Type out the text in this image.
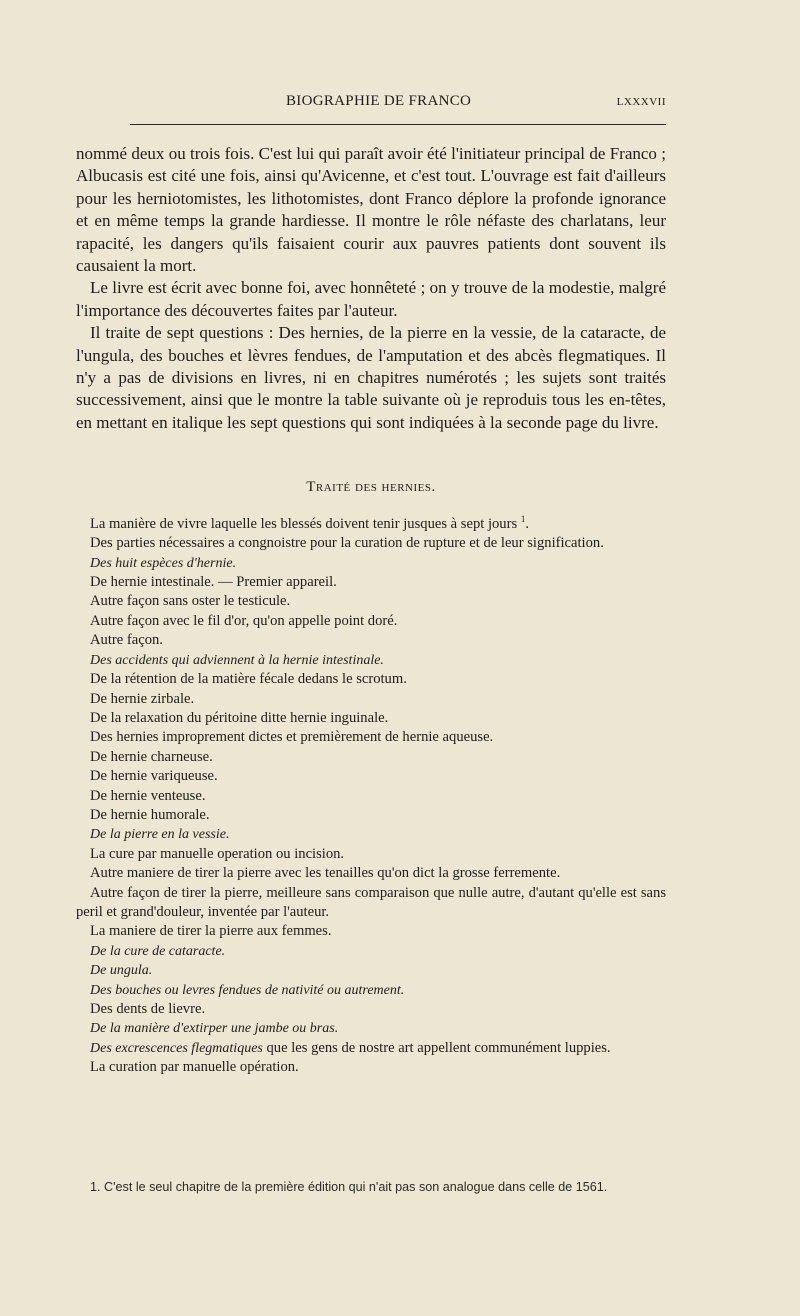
BIOGRAPHIE DE FRANCO	LXXXVII

nommé deux ou trois fois. C'est lui qui paraît avoir été l'initiateur principal de Franco ; Albucasis est cité une fois, ainsi qu'Avicenne, et c'est tout. L'ouvrage est fait d'ailleurs pour les herniotomistes, les lithotomistes, dont Franco déplore la profonde ignorance et en même temps la grande hardiesse. Il montre le rôle néfaste des charlatans, leur rapacité, les dangers qu'ils faisaient courir aux pauvres patients dont souvent ils causaient la mort.

Le livre est écrit avec bonne foi, avec honnêteté ; on y trouve de la modestie, malgré l'importance des découvertes faites par l'auteur.

Il traite de sept questions : Des hernies, de la pierre en la vessie, de la cataracte, de l'ungula, des bouches et lèvres fendues, de l'amputation et des abcès flegmatiques. Il n'y a pas de divisions en livres, ni en chapitres numérotés ; les sujets sont traités successivement, ainsi que le montre la table suivante où je reproduis tous les en-têtes, en mettant en italique les sept questions qui sont indiquées à la seconde page du livre.

Traité des hernies.
La manière de vivre laquelle les blessés doivent tenir jusques à sept jours $^1$.
Des parties nécessaires a congnoistre pour la curation de rupture et de leur signification.
Des huit espèces d'hernie.
De hernie intestinale. — Premier appareil.
Autre façon sans oster le testicule.
Autre façon avec le fil d'or, qu'on appelle point doré.
Autre façon.
Des accidents qui adviennent à la hernie intestinale.
De la rétention de la matière fécale dedans le scrotum.
De hernie zirbale.
De la relaxation du péritoine ditte hernie inguinale.
Des hernies improprement dictes et premièrement de hernie aqueuse.
De hernie charneuse.
De hernie variqueuse.
De hernie venteuse.
De hernie humorale.
De la pierre en la vessie.
La cure par manuelle operation ou incision.
Autre maniere de tirer la pierre avec les tenailles qu'on dict la grosse ferremente.
Autre façon de tirer la pierre, meilleure sans comparaison que nulle autre, d'autant qu'elle est sans peril et grand'douleur, inventée par l'auteur.
La maniere de tirer la pierre aux femmes.
De la cure de cataracte.
De ungula.
Des bouches ou levres fendues de nativité ou autrement.
Des dents de lievre.
De la manière d'extirper une jambe ou bras.
Des excrescences flegmatiques que les gens de nostre art appellent communément luppies.
La curation par manuelle opération.
1. C'est le seul chapitre de la première édition qui n'ait pas son analogue dans celle de 1561.
